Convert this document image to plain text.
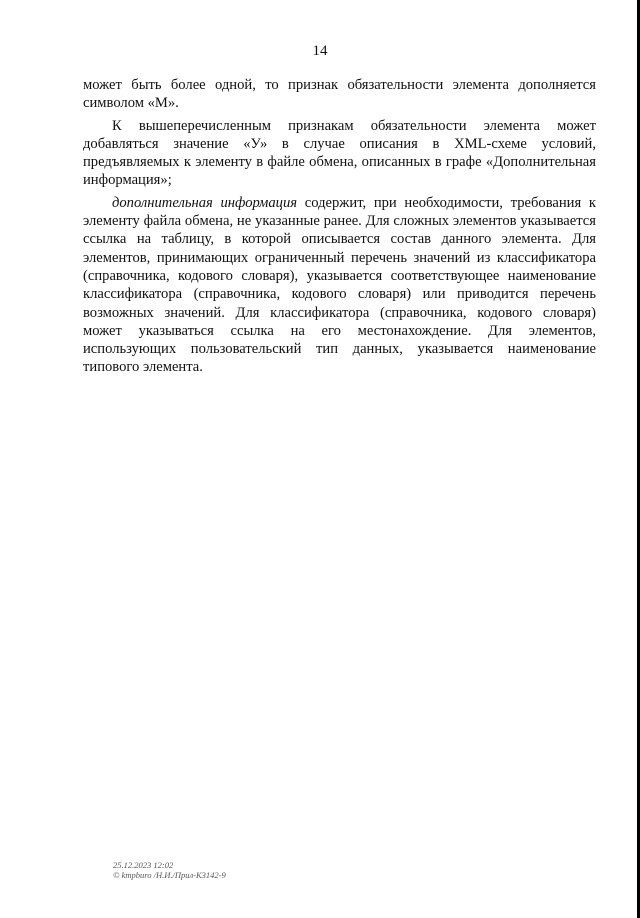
14

может быть более одной, то признак обязательности элемента дополняется символом «М».

К вышеперечисленным признакам обязательности элемента может добавляться значение «У» в случае описания в XML-схеме условий, предъявляемых к элементу в файле обмена, описанных в графе «Дополнительная информация»;

дополнительная информация содержит, при необходимости, требования к элементу файла обмена, не указанные ранее. Для сложных элементов указывается ссылка на таблицу, в которой описывается состав данного элемента. Для элементов, принимающих ограниченный перечень значений из классификатора (справочника, кодового словаря), указывается соответствующее наименование классификатора (справочника, кодового словаря) или приводится перечень возможных значений. Для классификатора (справочника, кодового словаря) может указываться ссылка на его местонахождение. Для элементов, использующих пользовательский тип данных, указывается наименование типового элемента.

25.12.2023 12:02
© kmpburo /Н.И./Прил-К3142-9
